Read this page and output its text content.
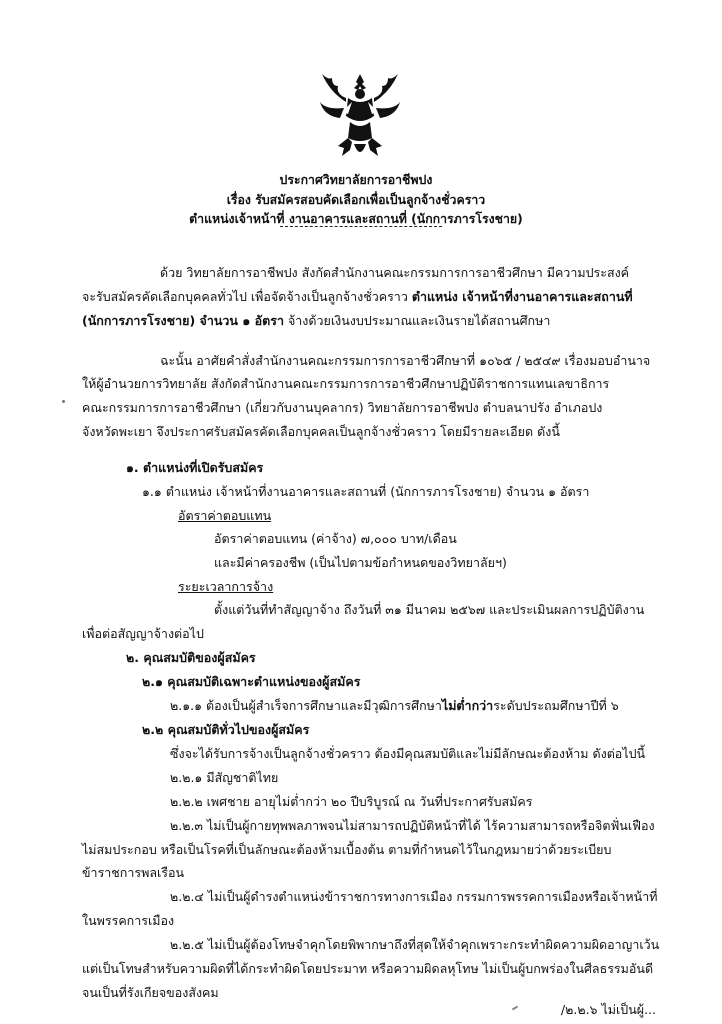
ประกาศวิทยาลัยการอาชีพปง
เรื่อง รับสมัครสอบคัดเลือกเพื่อเป็นลูกจ้างชั่วคราว
ตำแหน่งเจ้าหน้าที่ งานอาคารและสถานที่ (นักการภารโรงชาย)
ด้วย วิทยาลัยการอาชีพปง สังกัดสำนักงานคณะกรรมการการอาชีวศึกษา มีความประสงค์
จะรับสมัครคัดเลือกบุคคลทั่วไป เพื่อจัดจ้างเป็นลูกจ้างชั่วคราว ตำแหน่ง เจ้าหน้าที่งานอาคารและสถานที่
(นักการภารโรงชาย) จำนวน ๑ อัตรา จ้างด้วยเงินงบประมาณและเงินรายได้สถานศึกษา
ฉะนั้น อาศัยคำสั่งสำนักงานคณะกรรมการการอาชีวศึกษาที่ ๑๐๖๕ / ๒๕๔๙ เรื่องมอบอำนาจ
ให้ผู้อำนวยการวิทยาลัย สังกัดสำนักงานคณะกรรมการการอาชีวศึกษาปฏิบัติราชการแทนเลขาธิการ
คณะกรรมการการอาชีวศึกษา (เกี่ยวกับงานบุคลากร) วิทยาลัยการอาชีพปง ตำบลนาปรัง อำเภอปง
จังหวัดพะเยา จึงประกาศรับสมัครคัดเลือกบุคคลเป็นลูกจ้างชั่วคราว โดยมีรายละเอียด ดังนี้
๑. ตำแหน่งที่เปิดรับสมัคร
๑.๑ ตำแหน่ง เจ้าหน้าที่งานอาคารและสถานที่ (นักการภารโรงชาย) จำนวน ๑ อัตรา
อัตราค่าตอบแทน
อัตราค่าตอบแทน (ค่าจ้าง) ๗,๐๐๐ บาท/เดือน
และมีค่าครองชีพ (เป็นไปตามข้อกำหนดของวิทยาลัยฯ)
ระยะเวลาการจ้าง
ตั้งแต่วันที่ทำสัญญาจ้าง ถึงวันที่ ๓๑ มีนาคม ๒๕๖๗ และประเมินผลการปฏิบัติงาน
เพื่อต่อสัญญาจ้างต่อไป
๒. คุณสมบัติของผู้สมัคร
๒.๑ คุณสมบัติเฉพาะตำแหน่งของผู้สมัคร
๒.๑.๑ ต้องเป็นผู้สำเร็จการศึกษาและมีวุฒิการศึกษาไม่ต่ำกว่าระดับประถมศึกษาปีที่ ๖
๒.๒ คุณสมบัติทั่วไปของผู้สมัคร
ซึ่งจะได้รับการจ้างเป็นลูกจ้างชั่วคราว ต้องมีคุณสมบัติและไม่มีลักษณะต้องห้าม ดังต่อไปนี้
๒.๒.๑ มีสัญชาติไทย
๒.๒.๒ เพศชาย อายุไม่ต่ำกว่า ๒๐ ปีบริบูรณ์ ณ วันที่ประกาศรับสมัคร
๒.๒.๓ ไม่เป็นผู้กายทุพพลภาพจนไม่สามารถปฏิบัติหน้าที่ได้ ไร้ความสามารถหรือจิตฟั่นเฟือง
ไม่สมประกอบ หรือเป็นโรคที่เป็นลักษณะต้องห้ามเบื้องต้น ตามที่กำหนดไว้ในกฎหมายว่าด้วยระเบียบ
ข้าราชการพลเรือน
๒.๒.๔ ไม่เป็นผู้ดำรงตำแหน่งข้าราชการทางการเมือง กรรมการพรรคการเมืองหรือเจ้าหน้าที่
ในพรรคการเมือง
๒.๒.๕ ไม่เป็นผู้ต้องโทษจำคุกโดยพิพากษาถึงที่สุดให้จำคุกเพราะกระทำผิดความผิดอาญาเว้น
แต่เป็นโทษสำหรับความผิดที่ได้กระทำผิดโดยประมาท หรือความผิดลหุโทษ ไม่เป็นผู้บกพร่องในศีลธรรมอันดี
จนเป็นที่รังเกียจของสังคม
/๒.๒.๖ ไม่เป็นผู้...
